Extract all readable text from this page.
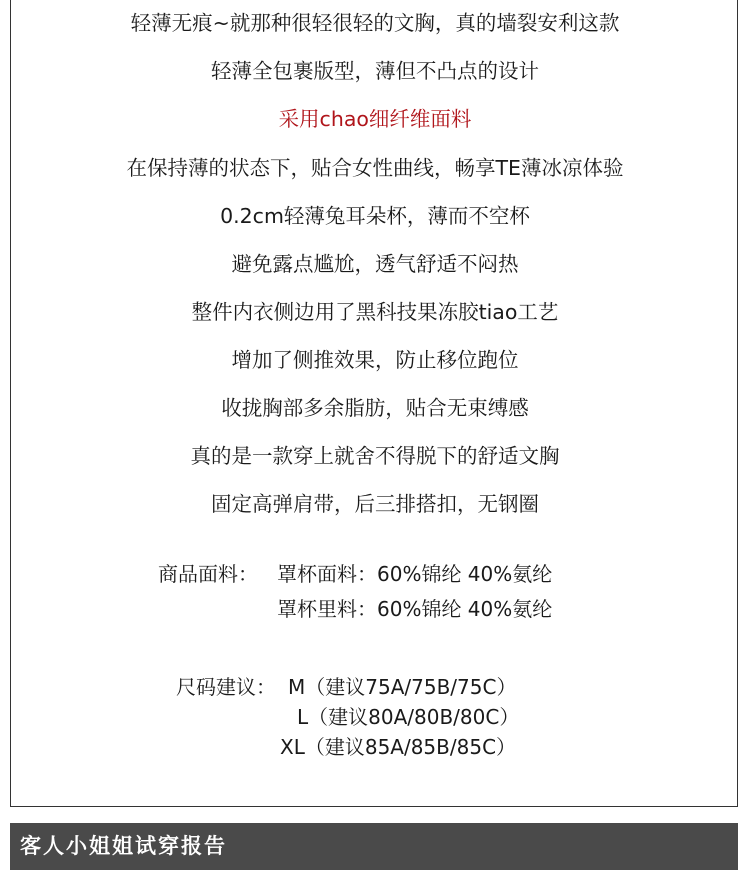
轻薄无痕~就那种很轻很轻的文胸，真的墙裂安利这款
轻薄全包裹版型，薄但不凸点的设计
采用chao细纤维面料
在保持薄的状态下，贴合女性曲线，畅享TE薄冰凉体验
0.2cm轻薄兔耳朵杯，薄而不空杯
避免露点尴尬，透气舒适不闷热
整件内衣侧边用了黑科技果冻胶tiao工艺
增加了侧推效果，防止移位跑位
收拢胸部多余脂肪，贴合无束缚感
真的是一款穿上就舍不得脱下的舒适文胸
固定高弹肩带，后三排搭扣，无钢圈
商品面料： 罩杯面料：60%锦纶 40%氨纶
罩杯里料：60%锦纶 40%氨纶
尺码建议： M（建议75A/75B/75C）
L（建议80A/80B/80C）
XL（建议85A/85B/85C）
客人小姐姐试穿报告
